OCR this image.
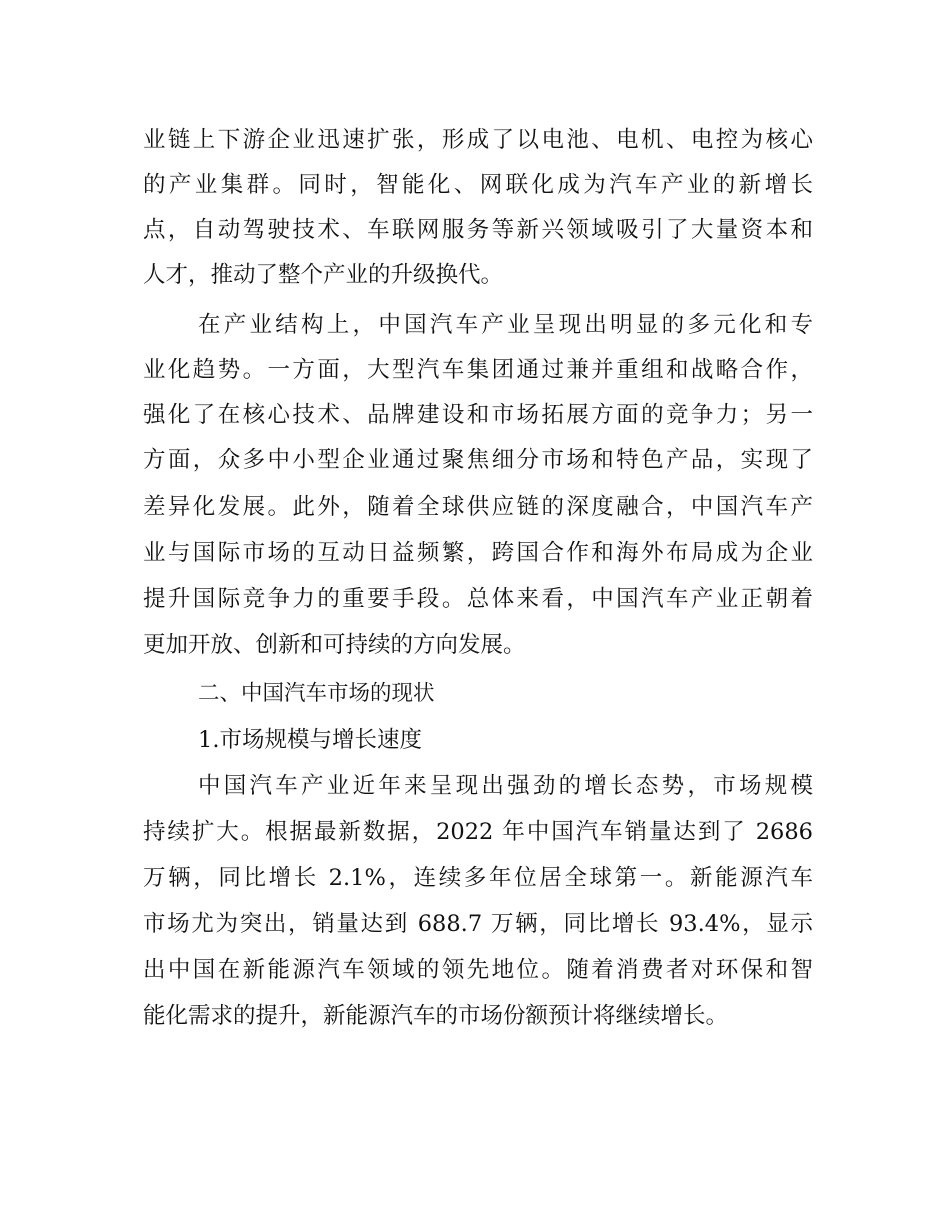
业链上下游企业迅速扩张，形成了以电池、电机、电控为核心
的产业集群。同时，智能化、网联化成为汽车产业的新增长
点，自动驾驶技术、车联网服务等新兴领域吸引了大量资本和
人才，推动了整个产业的升级换代。
在产业结构上，中国汽车产业呈现出明显的多元化和专
业化趋势。一方面，大型汽车集团通过兼并重组和战略合作，
强化了在核心技术、品牌建设和市场拓展方面的竞争力；另一
方面，众多中小型企业通过聚焦细分市场和特色产品，实现了
差异化发展。此外，随着全球供应链的深度融合，中国汽车产
业与国际市场的互动日益频繁，跨国合作和海外布局成为企业
提升国际竞争力的重要手段。总体来看，中国汽车产业正朝着
更加开放、创新和可持续的方向发展。
二、中国汽车市场的现状
1.市场规模与增长速度
中国汽车产业近年来呈现出强劲的增长态势，市场规模
持续扩大。根据最新数据，2022 年中国汽车销量达到了 2686
万辆，同比增长 2.1%，连续多年位居全球第一。新能源汽车
市场尤为突出，销量达到 688.7 万辆，同比增长 93.4%，显示
出中国在新能源汽车领域的领先地位。随着消费者对环保和智
能化需求的提升，新能源汽车的市场份额预计将继续增长。
